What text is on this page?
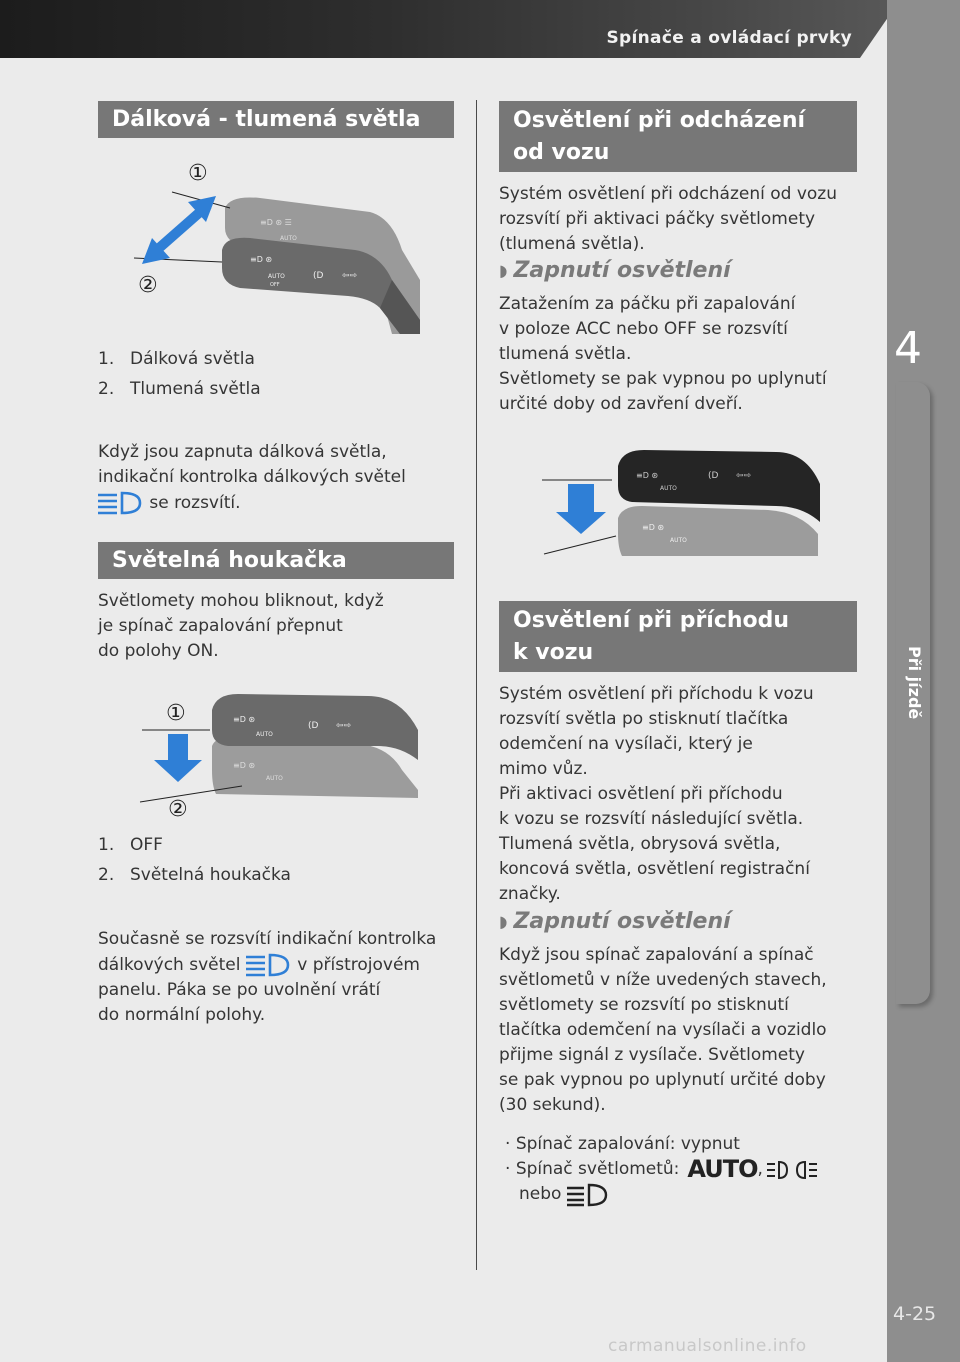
Spínače a ovládací prvky
4
Při jízdě
4-25
carmanualsonline.info
Dálková - tlumená světla
≡D ⊛ ☰
AUTO
≡D ⊛
AUTO
OFF
(D ⇦⇨
①
②
1. Dálková světla
2. Tlumená světla
Když jsou zapnuta dálková světla,
indikační kontrolka dálkových světel
se rozsvítí.
Světelná houkačka
Světlomety mohou bliknout, když
je spínač zapalování přepnut
do polohy ON.
≡D ⊛
AUTO
(D ⇦⇨
≡D ⊛
AUTO
①
②
1. OFF
2. Světelná houkačka
Současně se rozsvítí indikační kontrolka
dálkových světel	v přístrojovém
panelu. Páka se po uvolnění vrátí
do normální polohy.
Osvětlení při odcházení
od vozu
Systém osvětlení při odcházení od vozu
rozsvítí při aktivaci páčky světlomety
(tlumená světla).
◗ Zapnutí osvětlení
Zatažením za páčku při zapalování
v poloze ACC nebo OFF se rozsvítí
tlumená světla.
Světlomety se pak vypnou po uplynutí
určité doby od zavření dveří.
≡D ⊛
AUTO
(D ⇦⇨
≡D ⊛
AUTO
Osvětlení při příchodu
k vozu
Systém osvětlení při příchodu k vozu
rozsvítí světla po stisknutí tlačítka
odemčení na vysílači, který je
mimo vůz.
Při aktivaci osvětlení při příchodu
k vozu se rozsvítí následující světla.
Tlumená světla, obrysová světla,
koncová světla, osvětlení registrační
značky.
◗ Zapnutí osvětlení
Když jsou spínač zapalování a spínač
světlometů v níže uvedených stavech,
světlomety se rozsvítí po stisknutí
tlačítka odemčení na vysílači a vozidlo
přijme signál z vysílače. Světlomety
se pak vypnou po uplynutí určité doby
(30 sekund).
· Spínač zapalování: vypnut
· Spínač světlometů: AUTO ,
nebo
